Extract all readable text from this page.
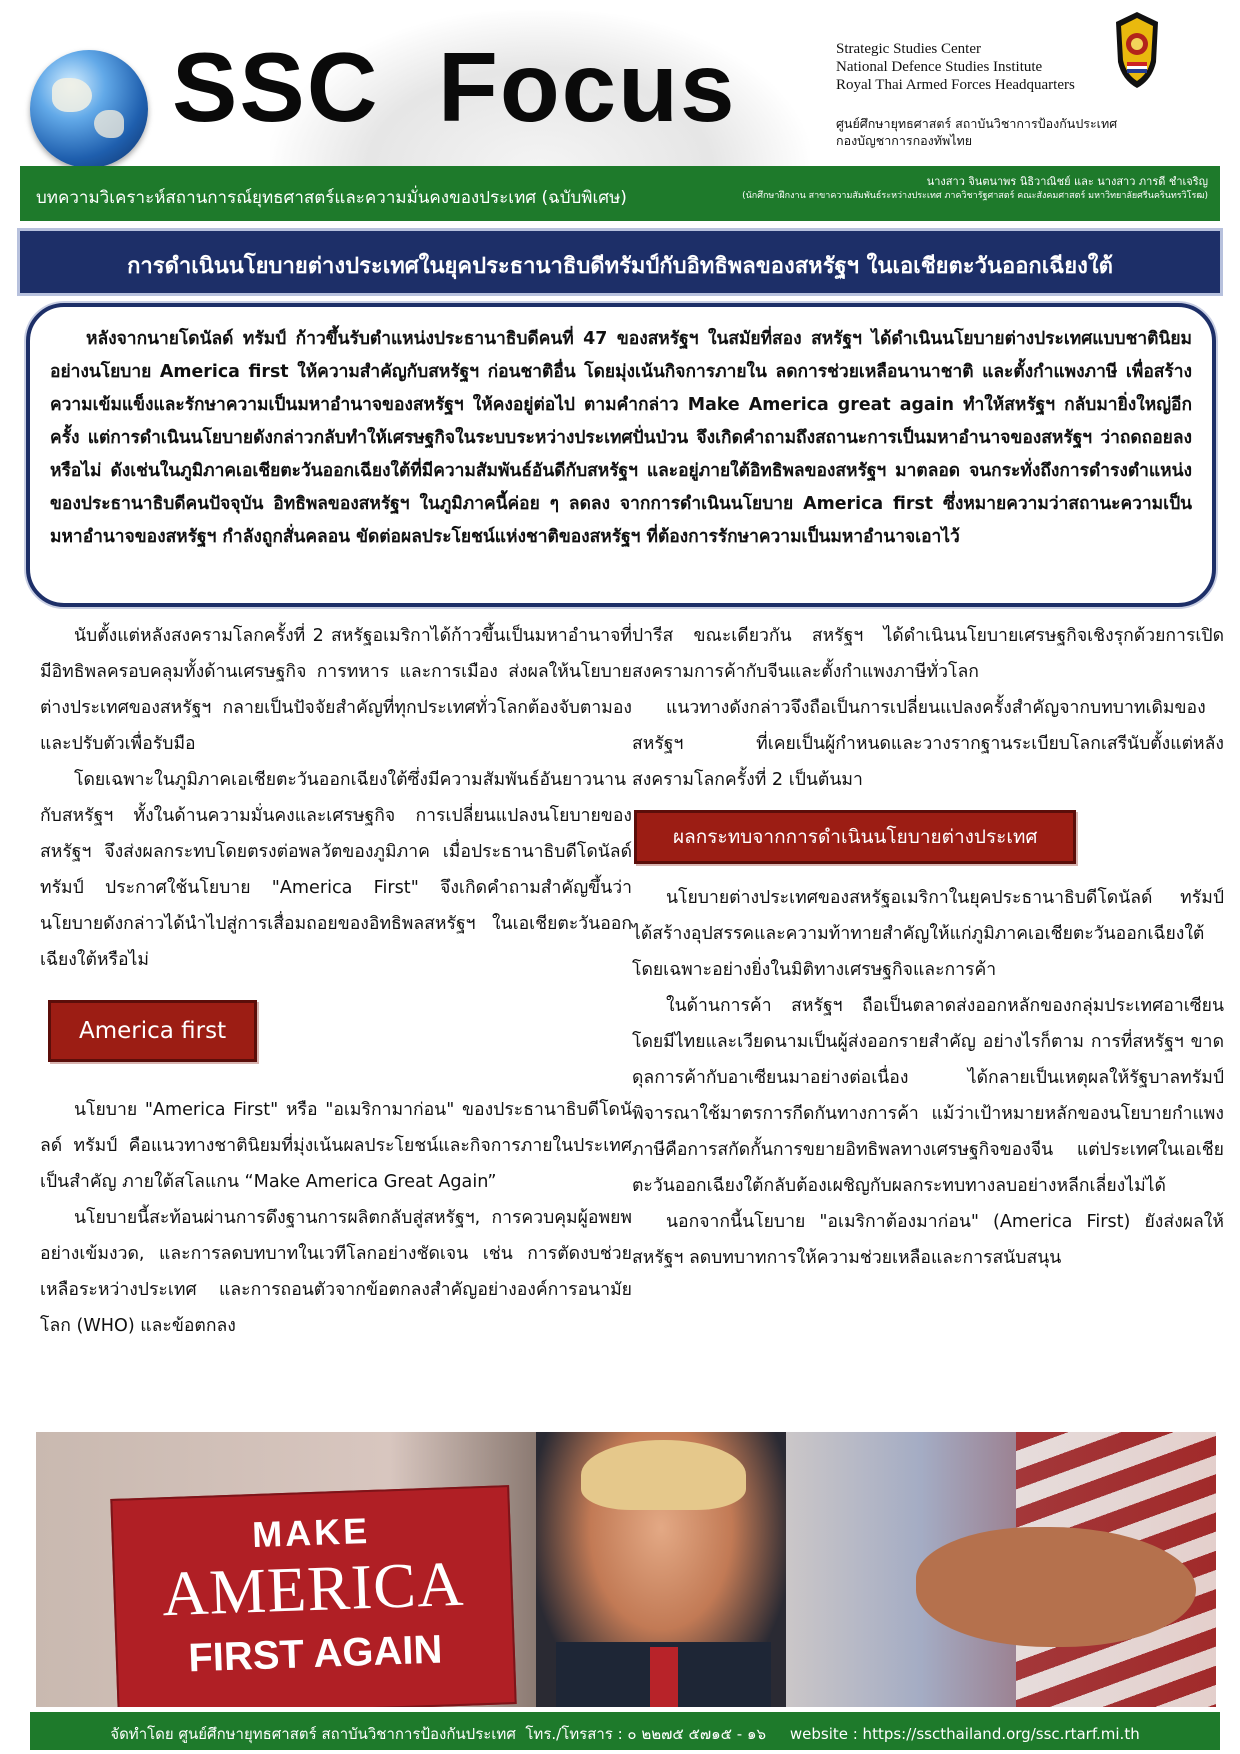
SSC  Focus	Strategic Studies Center
National Defence Studies Institute
Royal Thai Armed Forces Headquarters
ศูนย์ศึกษายุทธศาสตร์ สถาบันวิชาการป้องกันประเทศ
กองบัญชาการกองทัพไทย
บทความวิเคราะห์สถานการณ์ยุทธศาสตร์และความมั่นคงของประเทศ (ฉบับพิเศษ)
นางสาว จินตนาพร นิธิวาณิชย์ และ นางสาว ภารดี ชำเจริญ
(นักศึกษาฝึกงาน สาขาความสัมพันธ์ระหว่างประเทศ ภาควิชารัฐศาสตร์ คณะสังคมศาสตร์ มหาวิทยาลัยศรีนครินทรวิโรฒ)
การดำเนินนโยบายต่างประเทศในยุคประธานาธิบดีทรัมป์กับอิทธิพลของสหรัฐฯ ในเอเชียตะวันออกเฉียงใต้
หลังจากนายโดนัลด์ ทรัมป์ ก้าวขึ้นรับตำแหน่งประธานาธิบดีคนที่ 47 ของสหรัฐฯ ในสมัยที่สอง สหรัฐฯ ได้ดำเนินนโยบายต่างประเทศแบบชาตินิยม อย่างนโยบาย America first ให้ความสำคัญกับสหรัฐฯ ก่อนชาติอื่น โดยมุ่งเน้นกิจการภายใน ลดการช่วยเหลือนานาชาติ และตั้งกำแพงภาษี เพื่อสร้างความเข้มแข็งและรักษาความเป็นมหาอำนาจของสหรัฐฯ ให้คงอยู่ต่อไป ตามคำกล่าว Make America great again ทำให้สหรัฐฯ กลับมายิ่งใหญ่อีกครั้ง แต่การดำเนินนโยบายดังกล่าวกลับทำให้เศรษฐกิจในระบบระหว่างประเทศปั่นป่วน จึงเกิดคำถามถึงสถานะการเป็นมหาอำนาจของสหรัฐฯ ว่าถดถอยลงหรือไม่ ดังเช่นในภูมิภาคเอเชียตะวันออกเฉียงใต้ที่มีความสัมพันธ์อันดีกับสหรัฐฯ และอยู่ภายใต้อิทธิพลของสหรัฐฯ มาตลอด จนกระทั่งถึงการดำรงตำแหน่งของประธานาธิบดีคนปัจจุบัน อิทธิพลของสหรัฐฯ ในภูมิภาคนี้ค่อย ๆ ลดลง จากการดำเนินนโยบาย America first ซึ่งหมายความว่าสถานะความเป็นมหาอำนาจของสหรัฐฯ กำลังถูกสั่นคลอน ขัดต่อผลประโยชน์แห่งชาติของสหรัฐฯ ที่ต้องการรักษาความเป็นมหาอำนาจเอาไว้

นับตั้งแต่หลังสงครามโลกครั้งที่ 2 สหรัฐอเมริกาได้ก้าวขึ้นเป็นมหาอำนาจที่มีอิทธิพลครอบคลุมทั้งด้านเศรษฐกิจ การทหาร และการเมือง ส่งผลให้นโยบายต่างประเทศของสหรัฐฯ กลายเป็นปัจจัยสำคัญที่ทุกประเทศทั่วโลกต้องจับตามองและปรับตัวเพื่อรับมือ

โดยเฉพาะในภูมิภาคเอเชียตะวันออกเฉียงใต้ซึ่งมีความสัมพันธ์อันยาวนานกับสหรัฐฯ ทั้งในด้านความมั่นคงและเศรษฐกิจ การเปลี่ยนแปลงนโยบายของสหรัฐฯ จึงส่งผลกระทบโดยตรงต่อพลวัตของภูมิภาค เมื่อประธานาธิบดีโดนัลด์ ทรัมป์ ประกาศใช้นโยบาย "America First" จึงเกิดคำถามสำคัญขึ้นว่า นโยบายดังกล่าวได้นำไปสู่การเสื่อมถอยของอิทธิพลสหรัฐฯ ในเอเชียตะวันออกเฉียงใต้หรือไม่

America first

นโยบาย "America First" หรือ "อเมริกามาก่อน" ของประธานาธิบดีโดนัลด์ ทรัมป์ คือแนวทางชาตินิยมที่มุ่งเน้นผลประโยชน์และกิจการภายในประเทศเป็นสำคัญ ภายใต้สโลแกน “Make America Great Again”

นโยบายนี้สะท้อนผ่านการดึงฐานการผลิตกลับสู่สหรัฐฯ, การควบคุมผู้อพยพอย่างเข้มงวด, และการลดบทบาทในเวทีโลกอย่างชัดเจน เช่น การตัดงบช่วยเหลือระหว่างประเทศ และการถอนตัวจากข้อตกลงสำคัญอย่างองค์การอนามัยโลก (WHO) และข้อตกลง

ปารีส ขณะเดียวกัน สหรัฐฯ ได้ดำเนินนโยบายเศรษฐกิจเชิงรุกด้วยการเปิดสงครามการค้ากับจีนและตั้งกำแพงภาษีทั่วโลก

แนวทางดังกล่าวจึงถือเป็นการเปลี่ยนแปลงครั้งสำคัญจากบทบาทเดิมของสหรัฐฯ ที่เคยเป็นผู้กำหนดและวางรากฐานระเบียบโลกเสรีนับตั้งแต่หลังสงครามโลกครั้งที่ 2 เป็นต้นมา

ผลกระทบจากการดำเนินนโยบายต่างประเทศ

นโยบายต่างประเทศของสหรัฐอเมริกาในยุคประธานาธิบดีโดนัลด์ ทรัมป์ ได้สร้างอุปสรรคและความท้าทายสำคัญให้แก่ภูมิภาคเอเชียตะวันออกเฉียงใต้ โดยเฉพาะอย่างยิ่งในมิติทางเศรษฐกิจและการค้า

ในด้านการค้า สหรัฐฯ ถือเป็นตลาดส่งออกหลักของกลุ่มประเทศอาเซียน โดยมีไทยและเวียดนามเป็นผู้ส่งออกรายสำคัญ อย่างไรก็ตาม การที่สหรัฐฯ ขาดดุลการค้ากับอาเซียนมาอย่างต่อเนื่อง ได้กลายเป็นเหตุผลให้รัฐบาลทรัมป์พิจารณาใช้มาตรการกีดกันทางการค้า แม้ว่าเป้าหมายหลักของนโยบายกำแพงภาษีคือการสกัดกั้นการขยายอิทธิพลทางเศรษฐกิจของจีน แต่ประเทศในเอเชียตะวันออกเฉียงใต้กลับต้องเผชิญกับผลกระทบทางลบอย่างหลีกเลี่ยงไม่ได้

นอกจากนี้นโยบาย "อเมริกาต้องมาก่อน" (America First) ยังส่งผลให้สหรัฐฯ ลดบทบาทการให้ความช่วยเหลือและการสนับสนุน

MAKE
AMERICA
FIRST AGAIN
จัดทำโดย ศูนย์ศึกษายุทธศาสตร์ สถาบันวิชาการป้องกันประเทศ  โทร./โทรสาร : ๐ ๒๒๗๕ ๕๗๑๕ - ๑๖     website : https://sscthailand.org/ssc.rtarf.mi.th
